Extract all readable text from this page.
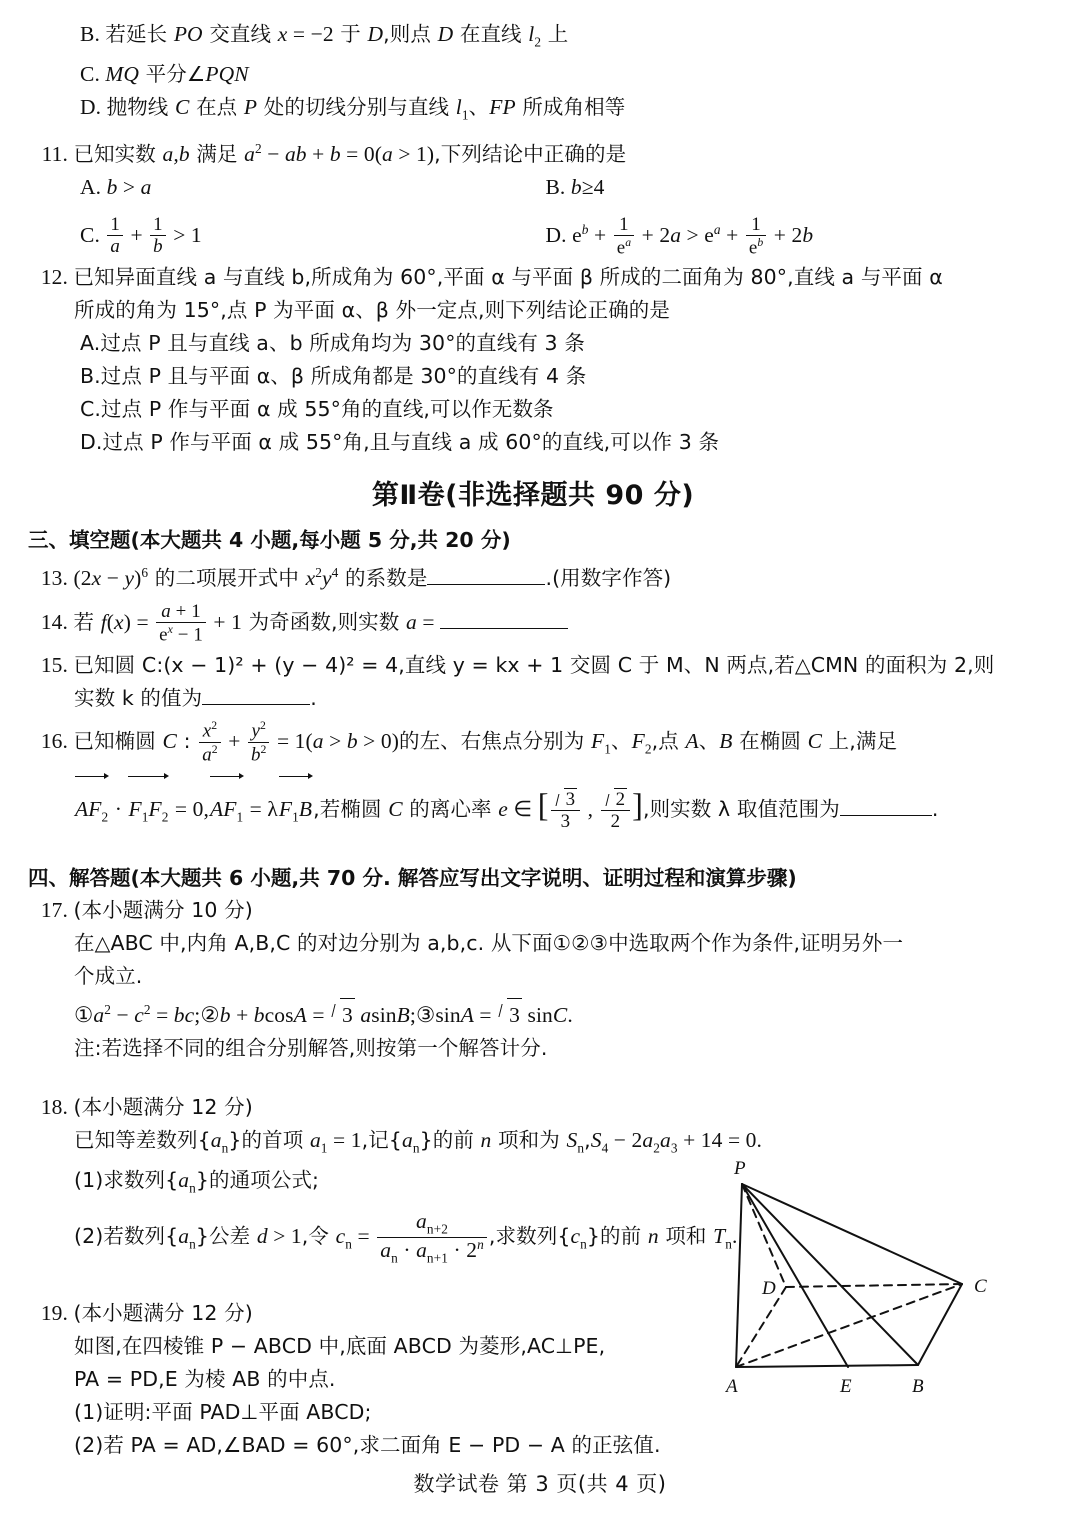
B. 若延长 PO 交直线 x = −2 于 D,则点 D 在直线 $l_2$ 上
C. MQ 平分∠PQN
D. 抛物线 C 在点 P 处的切线分别与直线 $l_1$、FP 所成角相等
11. 已知实数 a,b 满足 $a^2$ − ab + b = 0(a > 1),下列结论中正确的是
A. b > a	B. b≥4
C. $\frac{1}{a} + \frac{1}{b} > 1$	D. $e^b + \frac{1}{e^a} + 2a > e^a + \frac{1}{e^b} + 2b$
12. 已知异面直线 a 与直线 b,所成角为 60°,平面 α 与平面 β 所成的二面角为 80°,直线 a 与平面 α
所成的角为 15°,点 P 为平面 α、β 外一定点,则下列结论正确的是
A.过点 P 且与直线 a、b 所成角均为 30°的直线有 3 条
B.过点 P 且与平面 α、β 所成角都是 30°的直线有 4 条
C.过点 P 作与平面 α 成 55°角的直线,可以作无数条
D.过点 P 作与平面 α 成 55°角,且与直线 a 成 60°的直线,可以作 3 条
第Ⅱ卷(非选择题共 90 分)
三、填空题(本大题共 4 小题,每小题 5 分,共 20 分)
13. $(2x - y)^6$ 的二项展开式中 $x^2y^4$ 的系数是	.(用数字作答)
14. 若 $f(x) = \frac{a + 1}{e^x - 1} + 1$ 为奇函数,则实数 a =
15. 已知圆 C:(x − 1)² + (y − 4)² = 4,直线 y = kx + 1 交圆 C 于 M、N 两点,若△CMN 的面积为 2,则
实数 k 的值为	.
16. 已知椭圆 C : $\frac{x^2}{a^2} + \frac{y^2}{b^2} = 1(a > b > 0)$的左、右焦点分别为 $F_1$、$F_2$,点 A、B 在椭圆 C 上,满足
$AF_2$ ·
$F_1F_2 = 0$,
$AF_1 = \lambda$
$F_1B$,若椭圆 C 的离心率 e ∈ [ $\frac{3}{3}$ , $\frac{2}{2}$ ],则实数 λ 取值范围为	.
四、解答题(本大题共 6 小题,共 70 分. 解答应写出文字说明、证明过程和演算步骤)
17. (本小题满分 10 分)
在△ABC 中,内角 A,B,C 的对边分别为 a,b,c. 从下面①②③中选取两个作为条件,证明另外一
个成立.
$①a^2 - c^2$ = bc;②b + bcosA = 3 asinB;③sinA = 3 sinC.
注:若选择不同的组合分别解答,则按第一个解答计分.
18. (本小题满分 12 分)
已知等差数列$\{a_n\}$的首项 $a_1 = 1$,记$\{a_n\}$的前 n 项和为 $S_n,S_4 - 2a_2a_3 + 14 = 0$.
(1)求数列$\{a_n\}$的通项公式;
(2)若数列$\{a_n\}$公差 d > 1,令 $c_n = \frac{a_{n+2}}{a_n \cdot a_{n+1} \cdot 2^n}$ ,求数列$\{c_n\}$的前 n 项和 $T_n$.
19. (本小题满分 12 分)
如图,在四棱锥 P − ABCD 中,底面 ABCD 为菱形,AC⊥PE,
PA = PD,E 为棱 AB 的中点.
(1)证明:平面 PAD⊥平面 ABCD;
(2)若 PA = AD,∠BAD = 60°,求二面角 E − PD − A 的正弦值.
P
D	C
A	E	B
数学试卷 第 3 页(共 4 页)
